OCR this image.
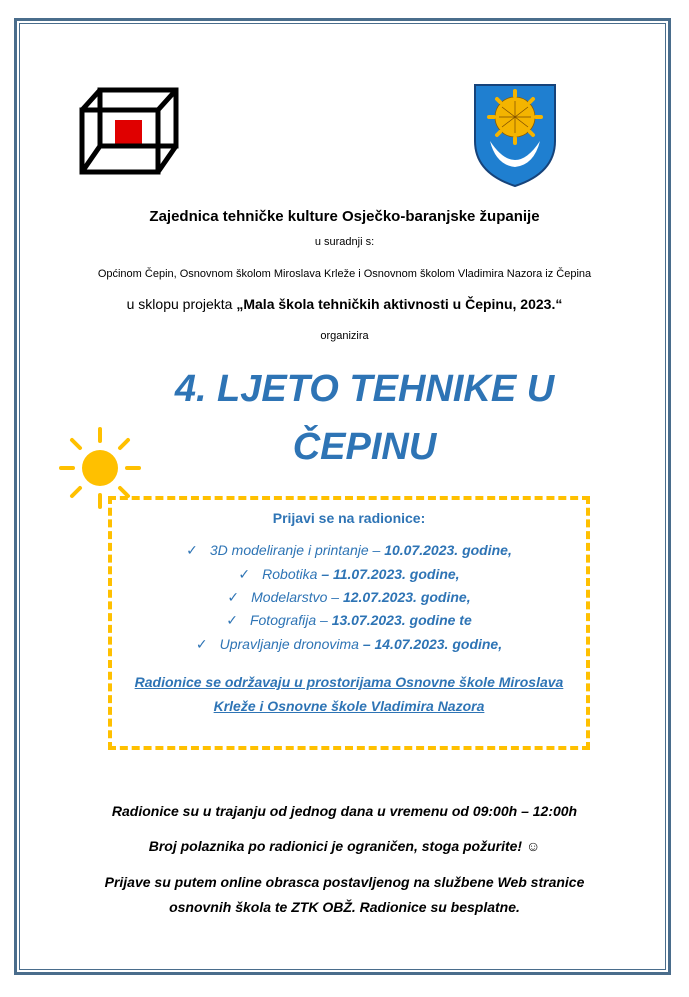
Zajednica tehničke kulture Osječko-baranjske županije
u suradnji s:
Općinom Čepin, Osnovnom školom Miroslava Krleže i Osnovnom školom Vladimira Nazora iz Čepina
u sklopu projekta „Mala škola tehničkih aktivnosti u Čepinu, 2023.“
organizira
4. LJETO TEHNIKE U
ČEPINU
Prijavi se na radionice:
✓ 3D modeliranje i printanje – 10.07.2023. godine,
✓ Robotika – 11.07.2023. godine,
✓ Modelarstvo – 12.07.2023. godine,
✓ Fotografija – 13.07.2023. godine te
✓ Upravljanje dronovima – 14.07.2023. godine,
Radionice se održavaju u prostorijama Osnovne škole Miroslava
Krleže i Osnovne škole Vladimira Nazora
Radionice su u trajanju od jednog dana u vremenu od 09:00h – 12:00h
Broj polaznika po radionici je ograničen, stoga požurite! ☺
Prijave su putem online obrasca postavljenog na službene Web stranice
osnovnih škola te ZTK OBŽ. Radionice su besplatne.
